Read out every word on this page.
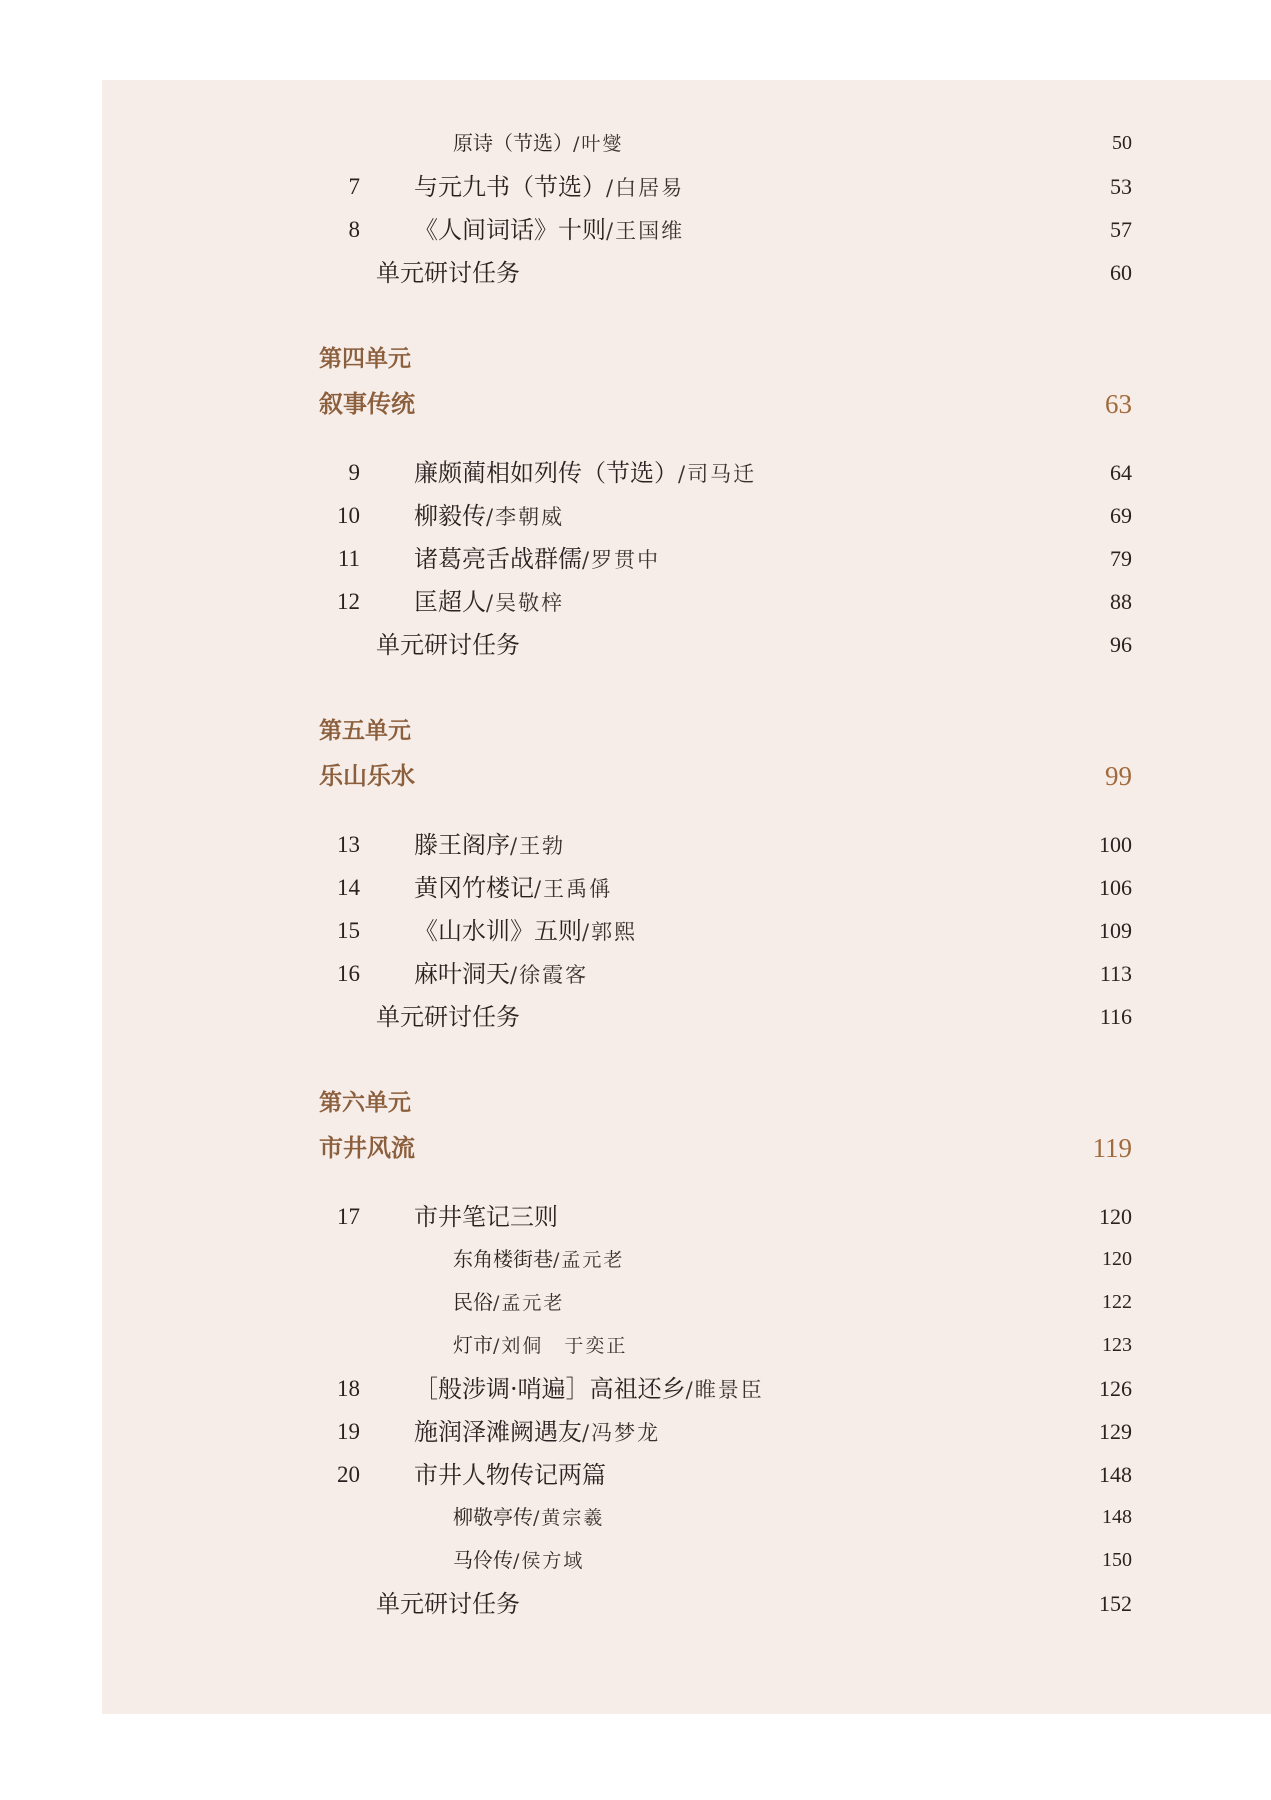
原诗（节选）/叶燮	50
7 与元九书（节选）/白居易	53
8 《人间词话》十则/王国维	57
单元研讨任务	60
第四单元
叙事传统	63
9 廉颇蔺相如列传（节选）/司马迁	64
10 柳毅传/李朝威	69
11 诸葛亮舌战群儒/罗贯中	79
12 匡超人/吴敬梓	88
单元研讨任务	96
第五单元
乐山乐水	99
13 滕王阁序/王勃	100
14 黄冈竹楼记/王禹偁	106
15 《山水训》五则/郭熙	109
16 麻叶洞天/徐霞客	113
单元研讨任务	116
第六单元
市井风流	119
17 市井笔记三则	120
东角楼街巷/孟元老	120
民俗/孟元老	122
灯市/刘侗　于奕正	123
18 ［般涉调·哨遍］高祖还乡/睢景臣	126
19 施润泽滩阙遇友/冯梦龙	129
20 市井人物传记两篇	148
柳敬亭传/黄宗羲	148
马伶传/侯方域	150
单元研讨任务	152
